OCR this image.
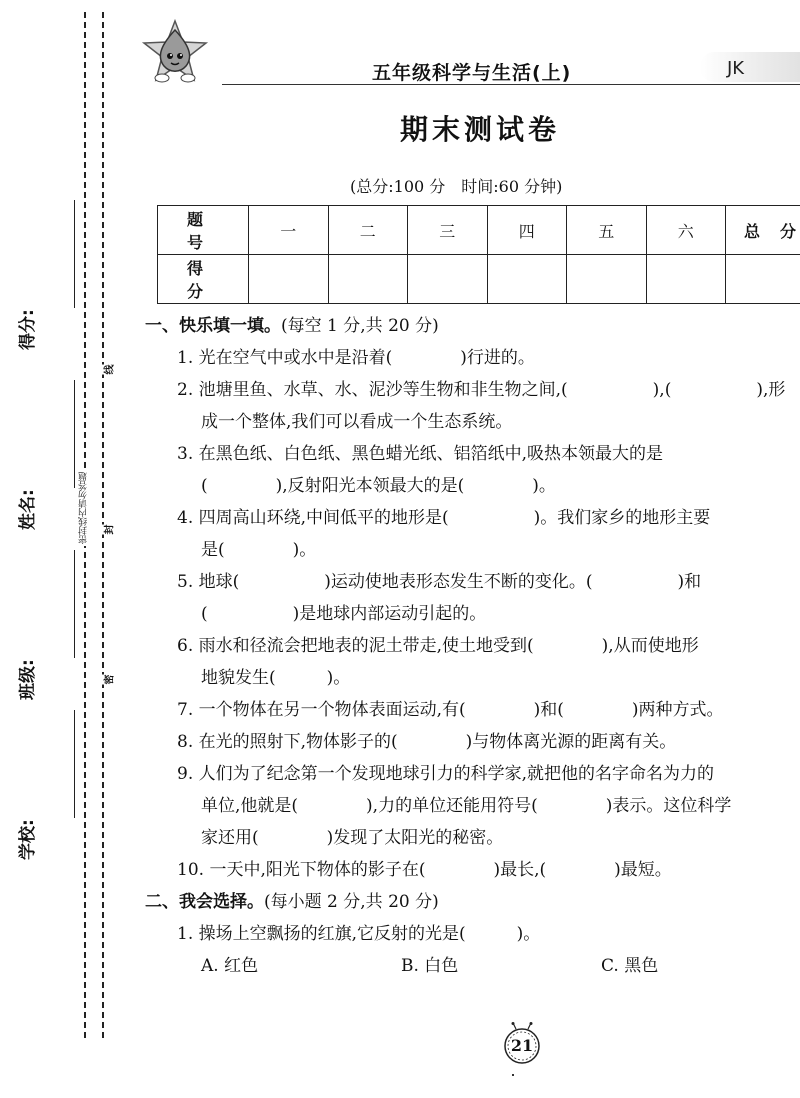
密封线内请勿答题
线
封
密
学校:
班级:
姓名:
得分:
五年级科学与生活(上)	JK
期末测试卷
(总分:100 分　时间:60 分钟)
题　号	一	二	三	四	五	六	总　分
得　分							
一、快乐填一填。(每空 1 分,共 20 分)
1. 光在空气中或水中是沿着(　　　　)行进的。
2. 池塘里鱼、水草、水、泥沙等生物和非生物之间,(　　　　　),(　　　　　),形
成一个整体,我们可以看成一个生态系统。
3. 在黑色纸、白色纸、黑色蜡光纸、铝箔纸中,吸热本领最大的是
(　　　　),反射阳光本领最大的是(　　　　)。
4. 四周高山环绕,中间低平的地形是(　　　　　)。我们家乡的地形主要
是(　　　　)。
5. 地球(　　　　　)运动使地表形态发生不断的变化。(　　　　　)和
(　　　　　)是地球内部运动引起的。
6. 雨水和径流会把地表的泥土带走,使土地受到(　　　　),从而使地形
地貌发生(　　　)。
7. 一个物体在另一个物体表面运动,有(　　　　)和(　　　　)两种方式。
8. 在光的照射下,物体影子的(　　　　)与物体离光源的距离有关。
9. 人们为了纪念第一个发现地球引力的科学家,就把他的名字命名为力的
单位,他就是(　　　　),力的单位还能用符号(　　　　)表示。这位科学
家还用(　　　　)发现了太阳光的秘密。
10. 一天中,阳光下物体的影子在(　　　　)最长,(　　　　)最短。
二、我会选择。(每小题 2 分,共 20 分)
1. 操场上空飘扬的红旗,它反射的光是(　　　)。
A. 红色	B. 白色	C. 黑色
21
